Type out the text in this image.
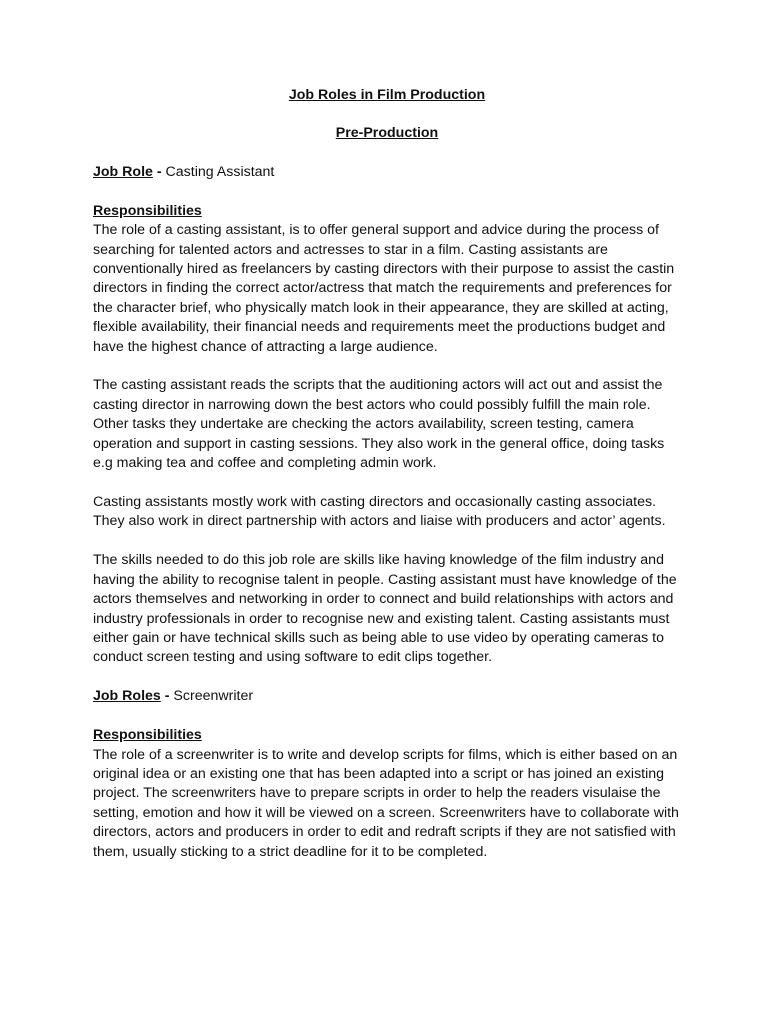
Job Roles in Film Production

Pre-Production

Job Role - Casting Assistant

Responsibilities

The role of a casting assistant, is to offer general support and advice during the process of searching for talented actors and actresses to star in a film. Casting assistants are conventionally hired as freelancers by casting directors with their purpose to assist the castin directors in finding the correct actor/actress that match the requirements and preferences for the character brief, who physically match look in their appearance, they are skilled at acting, flexible availability, their financial needs and requirements meet the productions budget and have the highest chance of attracting a large audience.

The casting assistant reads the scripts that the auditioning actors will act out and assist the casting director in narrowing down the best actors who could possibly fulfill the main role. Other tasks they undertake are checking the actors availability, screen testing, camera operation and support in casting sessions. They also work in the general office, doing tasks e.g making tea and coffee and completing admin work.

Casting assistants mostly work with casting directors and occasionally casting associates. They also work in direct partnership with actors and liaise with producers and actor’ agents.

The skills needed to do this job role are skills like having knowledge of the film industry and having the ability to recognise talent in people. Casting assistant must have knowledge of the actors themselves and networking in order to connect and build relationships with actors and industry professionals in order to recognise new and existing talent. Casting assistants must either gain or have technical skills such as being able to use video by operating cameras to conduct screen testing and using software to edit clips together.

Job Roles - Screenwriter

Responsibilities

The role of a screenwriter is to write and develop scripts for films, which is either based on an original idea or an existing one that has been adapted into a script or has joined an existing project. The screenwriters have to prepare scripts in order to help the readers visulaise the setting, emotion and how it will be viewed on a screen. Screenwriters have to collaborate with directors, actors and producers in order to edit and redraft scripts if they are not satisfied with them, usually sticking to a strict deadline for it to be completed.
